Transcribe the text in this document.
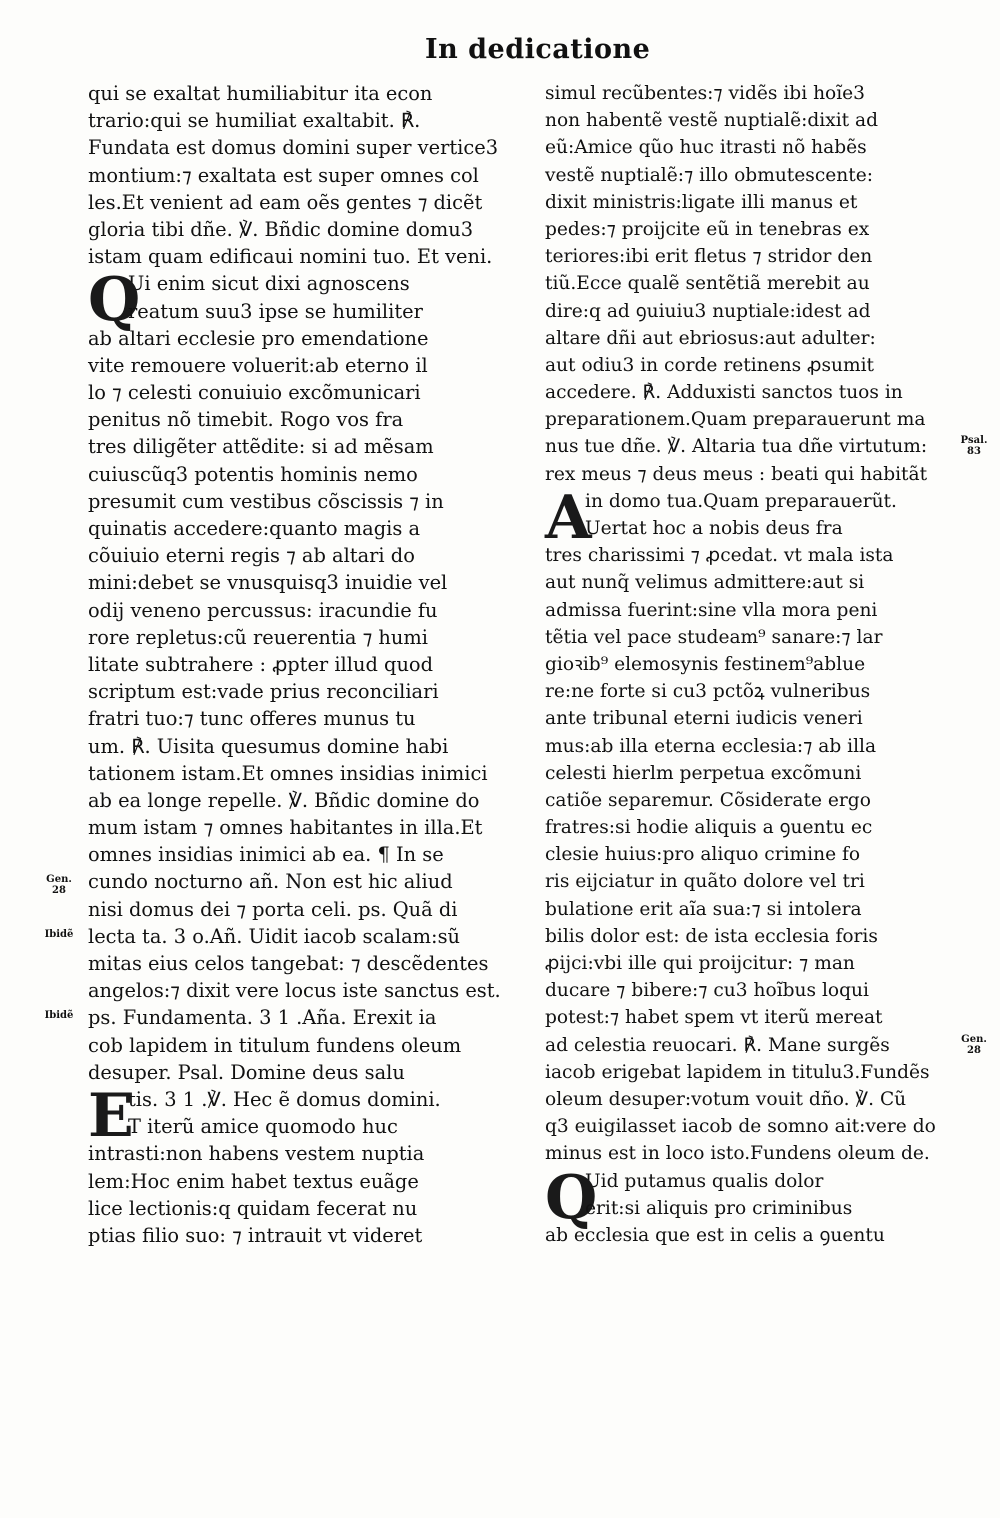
In dedicatione
qui se exaltat humiliabitur ita econ
trario:qui se humiliat exaltabit. ℟.
Fundata est domus domini super vertice3
montium:⁊ exaltata est super omnes col
les.Et venient ad eam oẽs gentes ⁊ dicẽt
gloria tibi dñe. ℣. Bñdic domine domu3
istam quam edificaui nomini tuo. Et veni.
Q
Ui enim sicut dixi agnoscens
reatum suu3 ipse se humiliter
ab altari ecclesie pro emendatione
vite remouere voluerit:ab eterno il
lo ⁊ celesti conuiuio excõmunicari
penitus nõ timebit. Rogo vos fra
tres diligẽter attẽdite: si ad mẽsam
cuiuscũq3 potentis hominis nemo
presumit cum vestibus cõscissis ⁊ in
quinatis accedere:quanto magis a
cõuiuio eterni regis ⁊ ab altari do
mini:debet se vnusquisq3 inuidie vel
odij veneno percussus: iracundie fu
rore repletus:cũ reuerentia ⁊ humi
litate subtrahere : ꝓpter illud quod
scriptum est:vade prius reconciliari
fratri tuo:⁊ tunc offeres munus tu
um. ℟. Uisita quesumus domine habi
tationem istam.Et omnes insidias inimici
ab ea longe repelle. ℣. Bñdic domine do
mum istam ⁊ omnes habitantes in illa.Et
omnes insidias inimici ab ea. ¶ In se
Gen. 28	cundo nocturno añ. Non est hic aliud
nisi domus dei ⁊ porta celi. ps. Quã di
Ibidẽ lecta ta. 3 o.Añ. Uidit iacob scalam:sũ
mitas eius celos tangebat: ⁊ descẽdentes
angelos:⁊ dixit vere locus iste sanctus est.
Ibidẽ ps. Fundamenta. 3 1 .Aña. Erexit ia
cob lapidem in titulum fundens oleum
desuper. Psal. Domine deus salu
E
tis. 3 1 .℣. Hec ẽ domus domini.
T iterũ amice quomodo huc
intrasti:non habens vestem nuptia
lem:Hoc enim habet textus euãge
lice lectionis:q quidam fecerat nu
ptias filio suo: ⁊ intrauit vt videret
simul recũbentes:⁊ vidẽs ibi hoĩe3
non habentẽ vestẽ nuptialẽ:dixit ad
eũ:Amice qũo huc itrasti nõ habẽs
vestẽ nuptialẽ:⁊ illo obmutescente:
dixit ministris:ligate illi manus et
pedes:⁊ proijcite eũ in tenebras ex
teriores:ibi erit fletus ⁊ stridor den
tiũ.Ecce qualẽ sentẽtiã merebit au
dire:q ad ꝯuiuiu3 nuptiale:idest ad
altare dñi aut ebriosus:aut adulter:
aut odiu3 in corde retinens ꝓsumit
accedere. ℟. Adduxisti sanctos tuos in
preparationem.Quam preparauerunt ma
Psal. 83
nus tue dñe. ℣. Altaria tua dñe virtutum:
rex meus ⁊ deus meus : beati qui habitãt
A
in domo tua.Quam preparauerũt.
Uertat hoc a nobis deus fra
tres charissimi ⁊ ꝓcedat. vt mala ista
aut nunq̃ velimus admittere:aut si
admissa fuerint:sine vlla mora peni
tẽtia vel pace studeam⁹ sanare:⁊ lar
gioꝛib⁹ elemosynis festinem⁹ablue
re:ne forte si cu3 pctõꝝ vulneribus
ante tribunal eterni iudicis veneri
mus:ab illa eterna ecclesia:⁊ ab illa
celesti hierlm perpetua excõmuni
catiõe separemur. Cõsiderate ergo
fratres:si hodie aliquis a ꝯuentu ec
clesie huius:pro aliquo crimine fo
ris eijciatur in quãto dolore vel tri
bulatione erit aĩa sua:⁊ si intolera
bilis dolor est: de ista ecclesia foris
ꝓijci:vbi ille qui proijcitur: ⁊ man
ducare ⁊ bibere:⁊ cu3 hoĩbus loqui
potest:⁊ habet spem vt iterũ mereat
Gen. 28
ad celestia reuocari. ℟. Mane surgẽs
iacob erigebat lapidem in titulu3.Fundẽs
oleum desuper:votum vouit dño. ℣. Cũ
q3 euigilasset iacob de somno ait:vere do
minus est in loco isto.Fundens oleum de.
Q
Uid putamus qualis dolor
erit:si aliquis pro criminibus
ab ecclesia que est in celis a ꝯuentu
